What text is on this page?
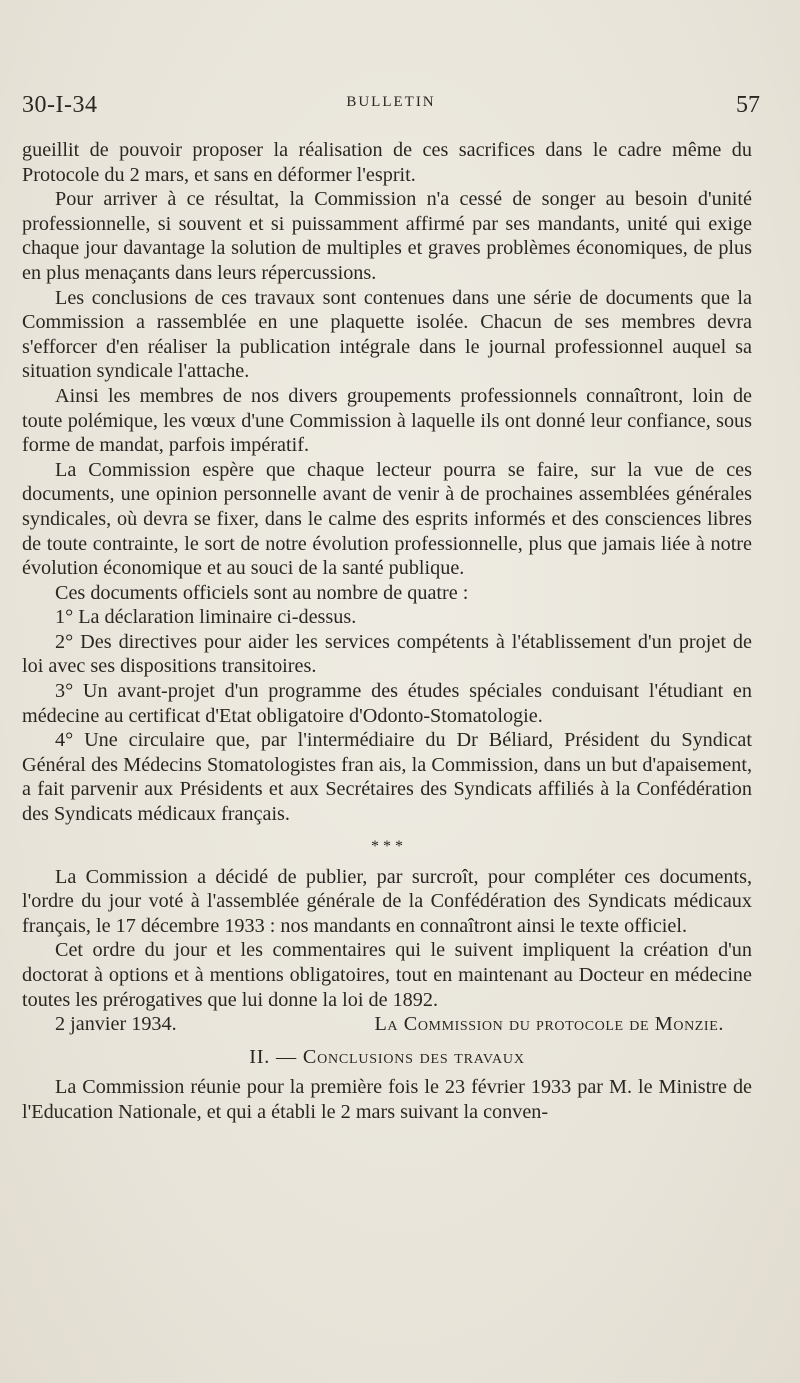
30-I-34	BULLETIN	57

gueillit de pouvoir proposer la réalisation de ces sacrifices dans le cadre même du Protocole du 2 mars, et sans en déformer l'esprit.

Pour arriver à ce résultat, la Commission n'a cessé de songer au besoin d'unité professionnelle, si souvent et si puissamment affirmé par ses mandants, unité qui exige chaque jour davantage la solution de multiples et graves problèmes économiques, de plus en plus menaçants dans leurs répercussions.

Les conclusions de ces travaux sont contenues dans une série de documents que la Commission a rassemblée en une plaquette isolée. Chacun de ses membres devra s'efforcer d'en réaliser la publication intégrale dans le journal professionnel auquel sa situation syndicale l'attache.

Ainsi les membres de nos divers groupements professionnels connaîtront, loin de toute polémique, les vœux d'une Commission à laquelle ils ont donné leur confiance, sous forme de mandat, parfois impératif.

La Commission espère que chaque lecteur pourra se faire, sur la vue de ces documents, une opinion personnelle avant de venir à de prochaines assemblées générales syndicales, où devra se fixer, dans le calme des esprits informés et des consciences libres de toute contrainte, le sort de notre évolution professionnelle, plus que jamais liée à notre évolution économique et au souci de la santé publique.

Ces documents officiels sont au nombre de quatre :

1° La déclaration liminaire ci-dessus.

2° Des directives pour aider les services compétents à l'établissement d'un projet de loi avec ses dispositions transitoires.

3° Un avant-projet d'un programme des études spéciales conduisant l'étudiant en médecine au certificat d'Etat obligatoire d'Odonto-Stomatologie.

4° Une circulaire que, par l'intermédiaire du Dr Béliard, Président du Syndicat Général des Médecins Stomatologistes fran ais, la Commission, dans un but d'apaisement, a fait parvenir aux Présidents et aux Secrétaires des Syndicats affiliés à la Confédération des Syndicats médicaux français.

* * *

La Commission a décidé de publier, par surcroît, pour compléter ces documents, l'ordre du jour voté à l'assemblée générale de la Confédération des Syndicats médicaux français, le 17 décembre 1933 : nos mandants en connaîtront ainsi le texte officiel.

Cet ordre du jour et les commentaires qui le suivent impliquent la création d'un doctorat à options et à mentions obligatoires, tout en maintenant au Docteur en médecine toutes les prérogatives que lui donne la loi de 1892.

2 janvier 1934.	La Commission du protocole de Monzie.
II. — Conclusions des travaux

La Commission réunie pour la première fois le 23 février 1933 par M. le Ministre de l'Education Nationale, et qui a établi le 2 mars suivant la conven-
